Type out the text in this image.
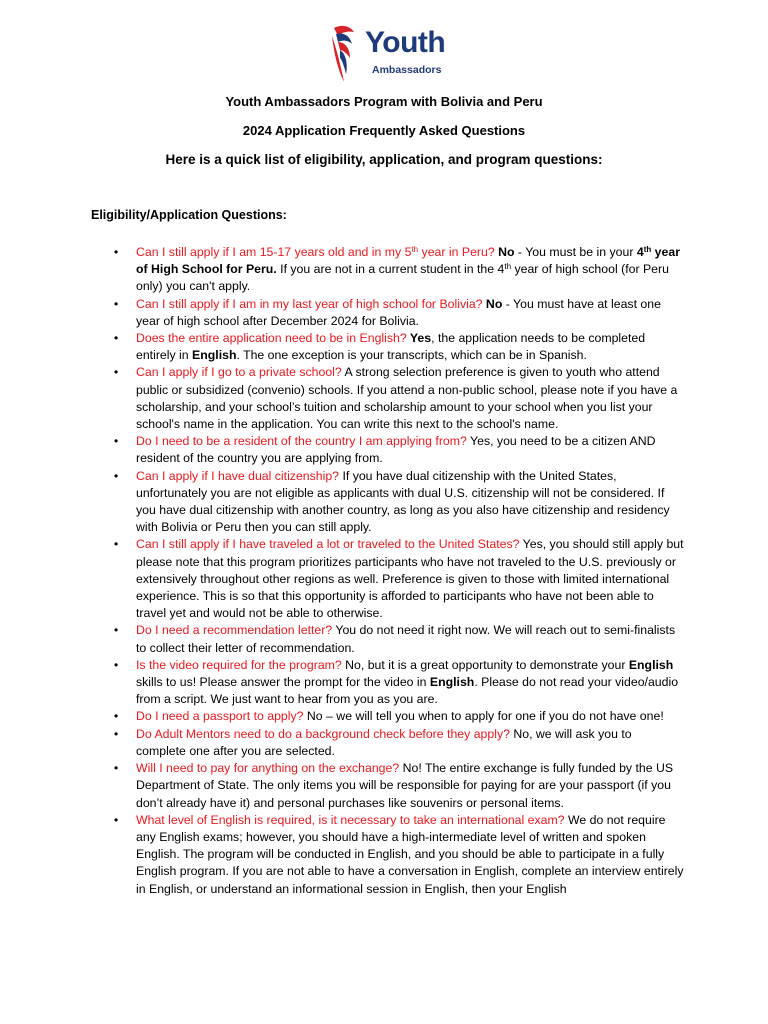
Youth
Ambassadors
Youth Ambassadors Program with Bolivia and Peru
2024 Application Frequently Asked Questions
Here is a quick list of eligibility, application, and program questions:
Eligibility/Application Questions:
• Can I still apply if I am 15-17 years old and in my 5th year in Peru? No - You must be in your 4th year of High School for Peru. If you are not in a current student in the 4th year of high school (for Peru only) you can't apply.
• Can I still apply if I am in my last year of high school for Bolivia? No - You must have at least one year of high school after December 2024 for Bolivia.
• Does the entire application need to be in English? Yes, the application needs to be completed entirely in English. The one exception is your transcripts, which can be in Spanish.
• Can I apply if I go to a private school? A strong selection preference is given to youth who attend public or subsidized (convenio) schools. If you attend a non-public school, please note if you have a scholarship, and your school’s tuition and scholarship amount to your school when you list your school's name in the application. You can write this next to the school's name.
• Do I need to be a resident of the country I am applying from? Yes, you need to be a citizen AND resident of the country you are applying from.
• Can I apply if I have dual citizenship? If you have dual citizenship with the United States, unfortunately you are not eligible as applicants with dual U.S. citizenship will not be considered. If you have dual citizenship with another country, as long as you also have citizenship and residency with Bolivia or Peru then you can still apply.
• Can I still apply if I have traveled a lot or traveled to the United States? Yes, you should still apply but please note that this program prioritizes participants who have not traveled to the U.S. previously or extensively throughout other regions as well. Preference is given to those with limited international experience. This is so that this opportunity is afforded to participants who have not been able to travel yet and would not be able to otherwise.
• Do I need a recommendation letter? You do not need it right now. We will reach out to semi-finalists to collect their letter of recommendation.
• Is the video required for the program? No, but it is a great opportunity to demonstrate your English skills to us! Please answer the prompt for the video in English. Please do not read your video/audio from a script. We just want to hear from you as you are.
• Do I need a passport to apply? No – we will tell you when to apply for one if you do not have one!
• Do Adult Mentors need to do a background check before they apply? No, we will ask you to complete one after you are selected.
• Will I need to pay for anything on the exchange? No! The entire exchange is fully funded by the US Department of State. The only items you will be responsible for paying for are your passport (if you don’t already have it) and personal purchases like souvenirs or personal items.
• What level of English is required, is it necessary to take an international exam? We do not require any English exams; however, you should have a high-intermediate level of written and spoken English. The program will be conducted in English, and you should be able to participate in a fully English program. If you are not able to have a conversation in English, complete an interview entirely in English, or understand an informational session in English, then your English
